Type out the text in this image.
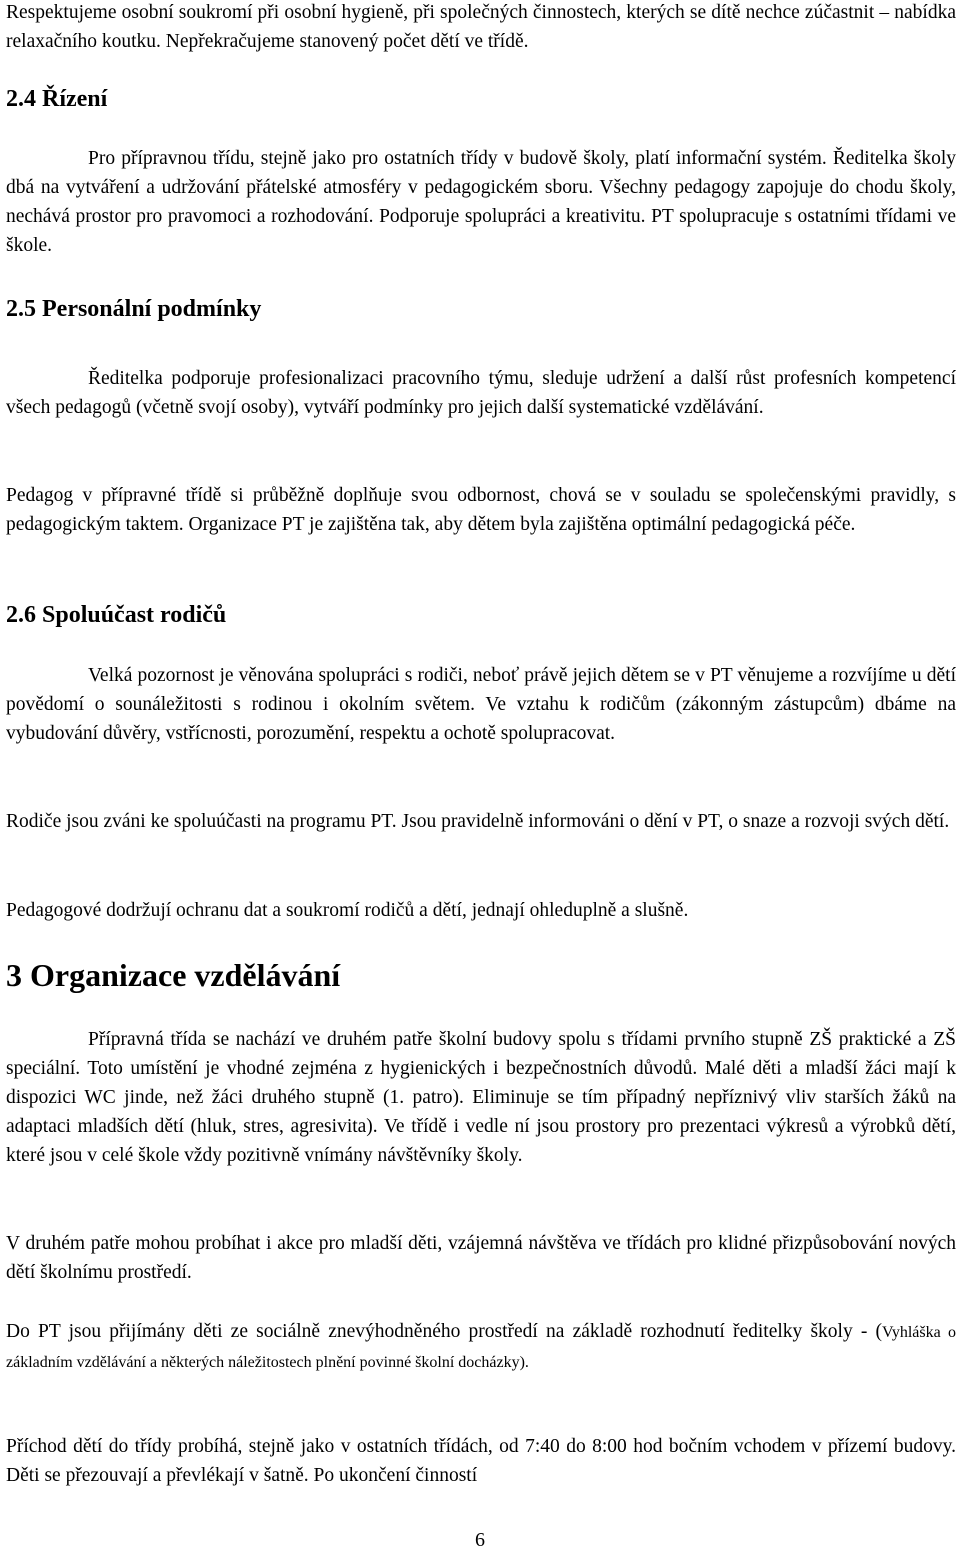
Respektujeme osobní soukromí při osobní hygieně, při společných činnostech, kterých se dítě nechce zúčastnit – nabídka relaxačního koutku. Nepřekračujeme stanovený počet dětí ve třídě.

2.4 Řízení

Pro přípravnou třídu, stejně jako pro ostatních třídy v budově školy, platí informační systém. Ředitelka školy dbá na vytváření a udržování přátelské atmosféry v pedagogickém sboru. Všechny pedagogy zapojuje do chodu školy, nechává prostor pro pravomoci a rozhodování. Podporuje spolupráci a kreativitu. PT spolupracuje s ostatními třídami ve škole.

2.5 Personální podmínky

Ředitelka podporuje profesionalizaci pracovního týmu, sleduje udržení a další růst profesních kompetencí všech pedagogů (včetně svojí osoby), vytváří podmínky pro jejich další systematické vzdělávání.

Pedagog v přípravné třídě si průběžně doplňuje svou odbornost, chová se v souladu se společenskými pravidly, s pedagogickým taktem. Organizace PT je zajištěna tak, aby dětem byla zajištěna optimální pedagogická péče.

2.6 Spoluúčast rodičů

Velká pozornost je věnována spolupráci s rodiči, neboť právě jejich dětem se v PT věnujeme a rozvíjíme u dětí povědomí o sounáležitosti s rodinou i okolním světem. Ve vztahu k rodičům (zákonným zástupcům) dbáme na vybudování důvěry, vstřícnosti, porozumění, respektu a ochotě spolupracovat.

Rodiče jsou zváni ke spoluúčasti na programu PT. Jsou pravidelně informováni o dění v PT, o snaze a rozvoji svých dětí.

Pedagogové dodržují ochranu dat a soukromí rodičů a dětí, jednají ohleduplně a slušně.

3 Organizace vzdělávání

Přípravná třída se nachází ve druhém patře školní budovy spolu s třídami prvního stupně ZŠ praktické a ZŠ speciální. Toto umístění je vhodné zejména z hygienických i bezpečnostních důvodů. Malé děti a mladší žáci mají k dispozici WC jinde, než žáci druhého stupně (1. patro). Eliminuje se tím případný nepříznivý vliv starších žáků na adaptaci mladších dětí (hluk, stres, agresivita). Ve třídě i vedle ní jsou prostory pro prezentaci výkresů a výrobků dětí, které jsou v celé škole vždy pozitivně vnímány návštěvníky školy.

V druhém patře mohou probíhat i akce pro mladší děti, vzájemná návštěva ve třídách pro klidné přizpůsobování nových dětí školnímu prostředí.

Do PT jsou přijímány děti ze sociálně znevýhodněného prostředí na základě rozhodnutí ředitelky školy - (Vyhláška o základním vzdělávání a některých náležitostech plnění povinné školní docházky).

Příchod dětí do třídy probíhá, stejně jako v ostatních třídách, od 7:40 do 8:00 hod bočním vchodem v přízemí budovy. Děti se přezouvají a převlékají v šatně. Po ukončení činností

6
